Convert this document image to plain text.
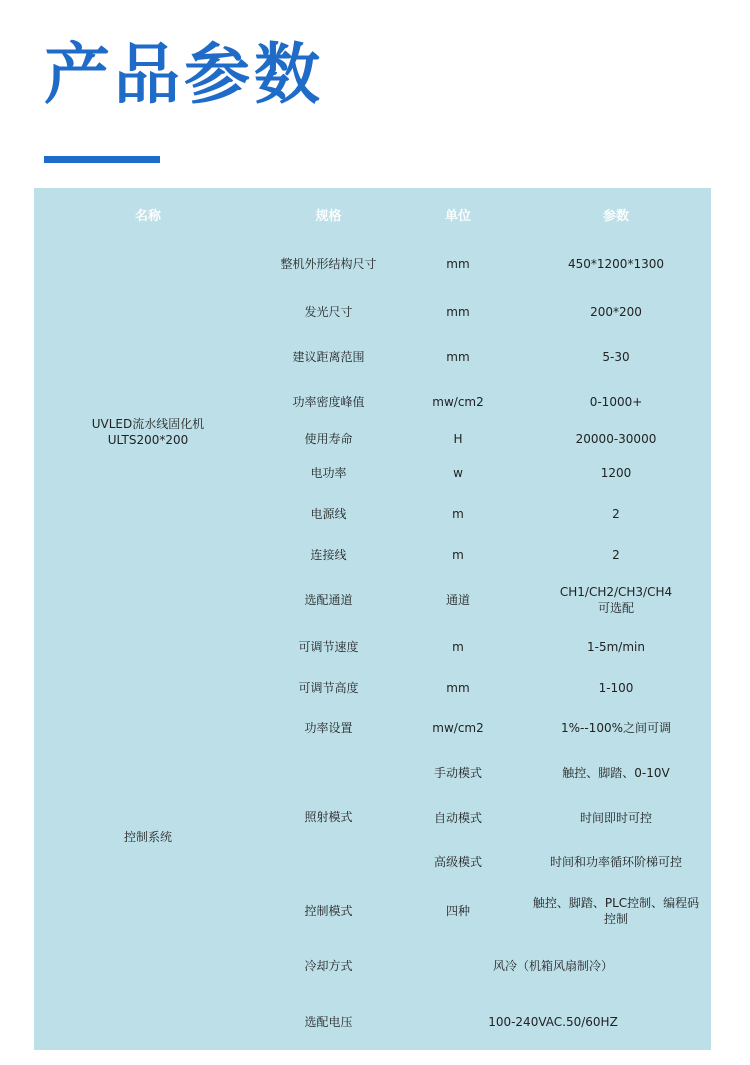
产品参数
名称	规格	单位	参数
UVLED流水线固化机
ULTS200*200	整机外形结构尺寸	mm	450*1200*1300
	发光尺寸	mm	200*200
	建议距离范围	mm	5-30
	功率密度峰值	mw/cm2	0-1000+
	使用寿命	H	20000-30000
	电功率	w	1200
	电源线	m	2
	连接线	m	2
	选配通道	通道	CH1/CH2/CH3/CH4
可选配
控制系统	可调节速度	m	1-5m/min
	可调节高度	mm	1-100
	功率设置	mw/cm2	1%--100%之间可调
	照射模式	手动模式	触控、脚踏、0-10V
		自动模式	时间即时可控
		高级模式	时间和功率循环阶梯可控
	控制模式	四种	触控、脚踏、PLC控制、编程码
控制
	冷却方式	风冷（机箱风扇制冷）	
	选配电压	100-240VAC.50/60HZ	
